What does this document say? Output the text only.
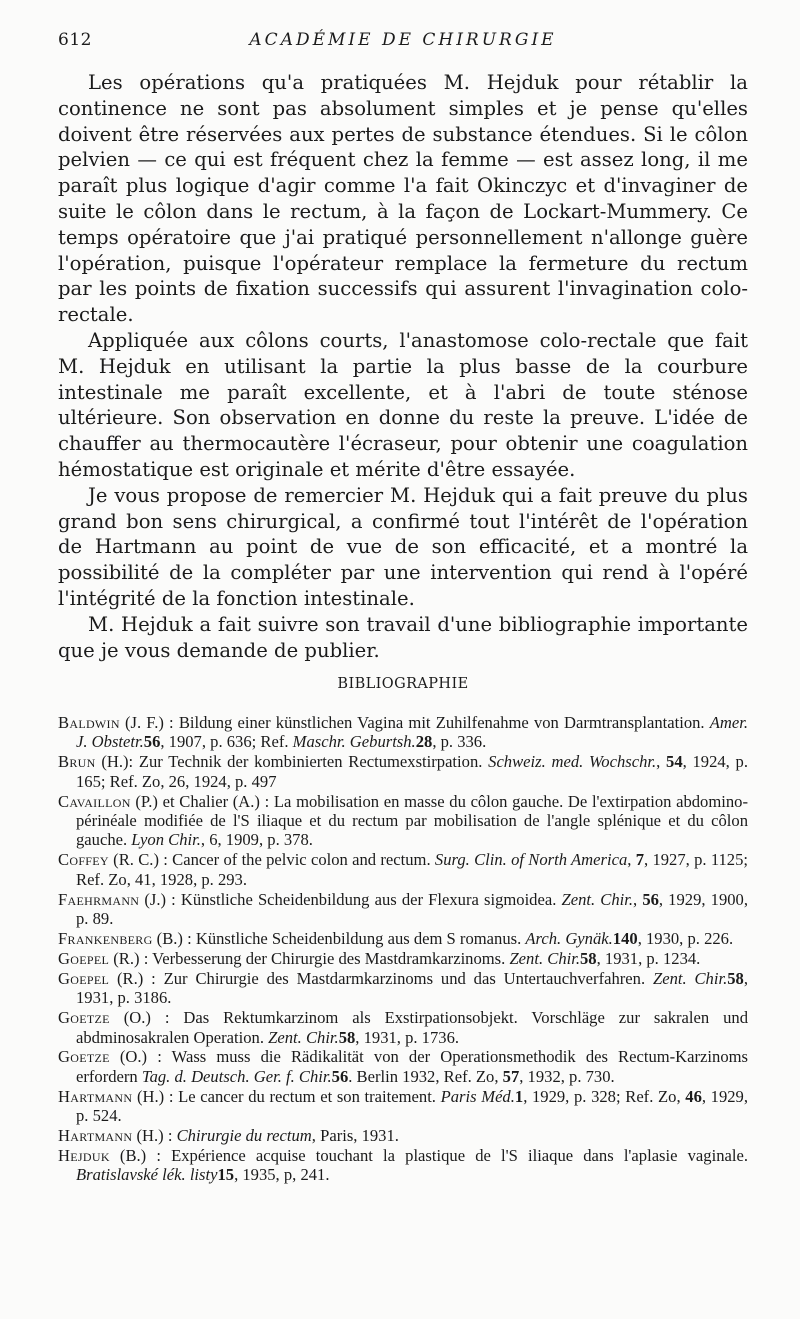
612	ACADÉMIE DE CHIRURGIE

Les opérations qu'a pratiquées M. Hejduk pour rétablir la continence ne sont pas absolument simples et je pense qu'elles doivent être réservées aux pertes de substance étendues. Si le côlon pelvien — ce qui est fréquent chez la femme — est assez long, il me paraît plus logique d'agir comme l'a fait Okinczyc et d'invaginer de suite le côlon dans le rectum, à la façon de Lockart-Mummery. Ce temps opératoire que j'ai pratiqué personnellement n'allonge guère l'opération, puisque l'opérateur remplace la fermeture du rectum par les points de fixation successifs qui assurent l'invagination colo-rectale.

Appliquée aux côlons courts, l'anastomose colo-rectale que fait M. Hejduk en utilisant la partie la plus basse de la courbure intestinale me paraît excellente, et à l'abri de toute sténose ultérieure. Son observation en donne du reste la preuve. L'idée de chauffer au thermocautère l'écraseur, pour obtenir une coagulation hémostatique est originale et mérite d'être essayée.

Je vous propose de remercier M. Hejduk qui a fait preuve du plus grand bon sens chirurgical, a confirmé tout l'intérêt de l'opération de Hartmann au point de vue de son efficacité, et a montré la possibilité de la compléter par une intervention qui rend à l'opéré l'intégrité de la fonction intestinale.

M. Hejduk a fait suivre son travail d'une bibliographie importante que je vous demande de publier.

BIBLIOGRAPHIE
Baldwin (J. F.) : Bildung einer künstlichen Vagina mit Zuhilfenahme von Darmtransplantation. Amer. J. Obstetr.56, 1907, p. 636; Ref. Maschr. Geburtsh.28, p. 336.
Brun (H.): Zur Technik der kombinierten Rectumexstirpation. Schweiz. med. Wochschr., 54, 1924, p. 165; Ref. Zo, 26, 1924, p. 497
Cavaillon (P.) et Chalier (A.) : La mobilisation en masse du côlon gauche. De l'extirpation abdomino-périnéale modifiée de l'S iliaque et du rectum par mobilisation de l'angle splénique et du côlon gauche. Lyon Chir., 6, 1909, p. 378.
Coffey (R. C.) : Cancer of the pelvic colon and rectum. Surg. Clin. of North America, 7, 1927, p. 1125; Ref. Zo, 41, 1928, p. 293.
Faehrmann (J.) : Künstliche Scheidenbildung aus der Flexura sigmoidea. Zent. Chir., 56, 1929, 1900, p. 89.
Frankenberg (B.) : Künstliche Scheidenbildung aus dem S romanus. Arch. Gynäk.140, 1930, p. 226.
Goepel (R.) : Verbesserung der Chirurgie des Mastdramkarzinoms. Zent. Chir.58, 1931, p. 1234.
Goepel (R.) : Zur Chirurgie des Mastdarmkarzinoms und das Untertauchverfahren. Zent. Chir.58, 1931, p. 3186.
Goetze (O.) : Das Rektumkarzinom als Exstirpationsobjekt. Vorschläge zur sakralen und abdminosakralen Operation. Zent. Chir.58, 1931, p. 1736.
Goetze (O.) : Wass muss die Rädikalität von der Operationsmethodik des Rectum-Karzinoms erfordern Tag. d. Deutsch. Ger. f. Chir.56. Berlin 1932, Ref. Zo, 57, 1932, p. 730.
Hartmann (H.) : Le cancer du rectum et son traitement. Paris Méd.1, 1929, p. 328; Ref. Zo, 46, 1929, p. 524.
Hartmann (H.) : Chirurgie du rectum, Paris, 1931.
Hejduk (B.) : Expérience acquise touchant la plastique de l'S iliaque dans l'aplasie vaginale. Bratislavské lék. listy15, 1935, p, 241.
